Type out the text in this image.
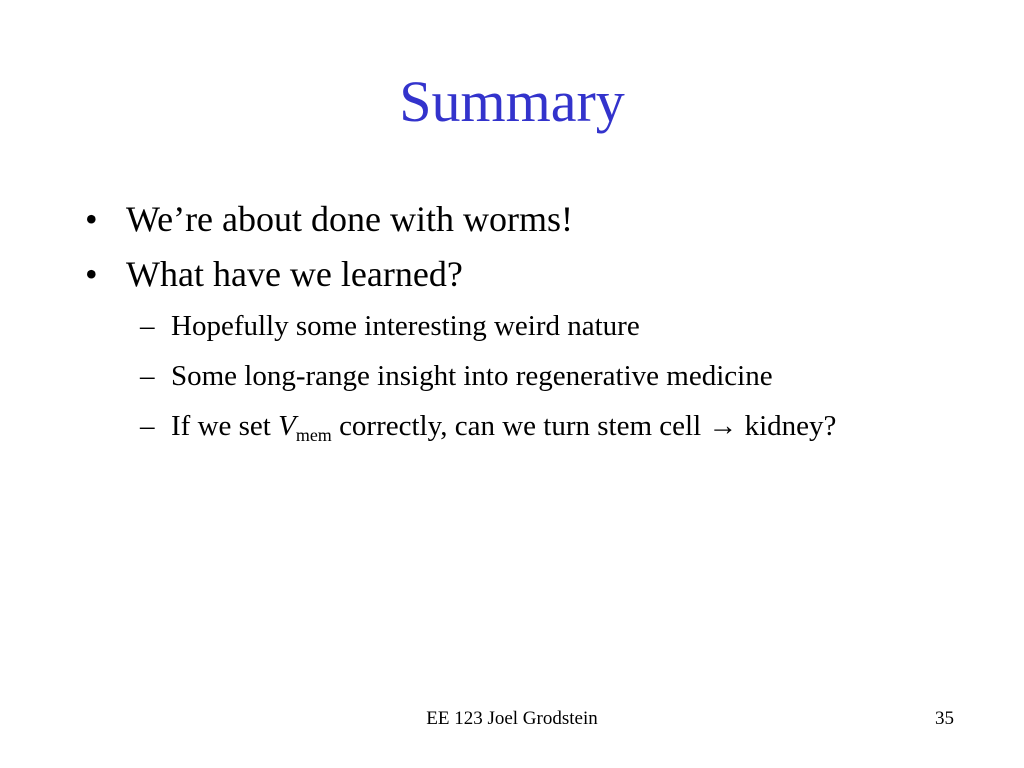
Summary
• We’re about done with worms!
• What have we learned?
– Hopefully some interesting weird nature
– Some long-range insight into regenerative medicine
– If we set $V_{mem}$ correctly, can we turn stem cell → kidney?
EE 123 Joel Grodstein	35
